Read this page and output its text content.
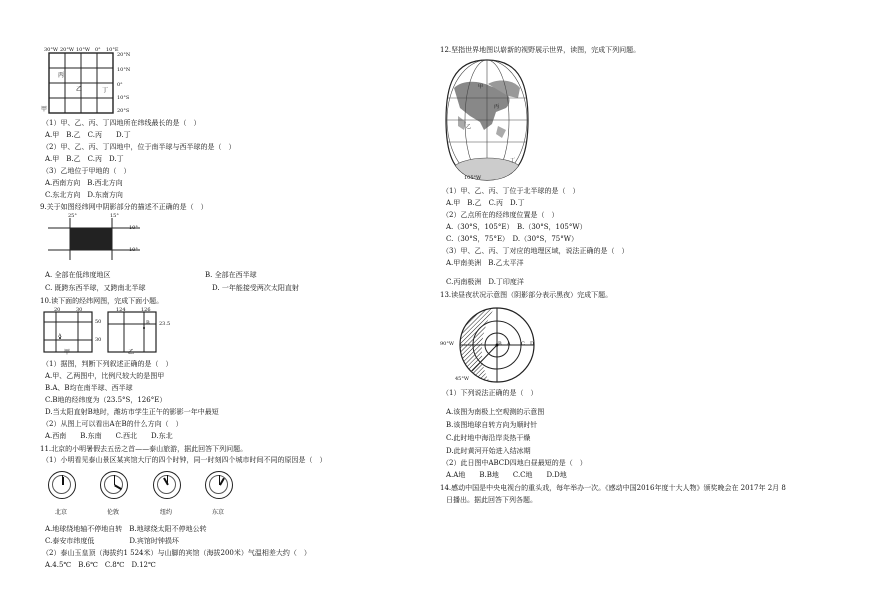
30°W 20°W 10°W 0° 10°E
20°N
10°N
0°
10°S
20°S
甲
乙
丙
丁
（1）甲、乙、丙、丁四地所在纬线最长的是（　）
A.甲　B.乙　C.丙　　D.丁
（2）甲、乙、丙、丁四地中，位于南半球与西半球的是（　）
A.甲　B.乙　C.丙　D.丁
（3）乙地位于甲地的（　）
A.西南方向　B.西北方向
C.东北方向　D.东南方向
9.关于如图经纬网中阴影部分的描述不正确的是（　）
25°	15°
10°
10°
A. 全部在低纬度地区	B. 全部在西半球
C. 既跨东西半球，又跨南北半球	D. 一年能接受两次太阳直射
10.读下面的经纬网图，完成下面小题。
20	30
50
30
A
124	126
23.5
B
甲	乙
（1）据图，判断下列叙述正确的是（　）
A.甲、乙两图中，比例尺较大的是图甲
B.A、B均在南半球、西半球
C.B地的经纬度为（23.5°S，126°E）
D.当太阳直射B地时，潍坊市学生正午的影影一年中最短
（2）从图上可以看出A在B的什么方向（　）
A.西南　　B.东南　　C.西北　　D.东北
11.北京的小明暑假去五岳之首——泰山旅游，据此回答下列问题。
（1）小明看见泰山景区某宾馆大厅的四个时钟，同一时刻四个城市时间不同的原因是（　）
A.地球绕地轴不停地自转　B.地球绕太阳不停地公转
C.泰安市纬度低　　　　　D.宾馆时钟损坏
（2）泰山玉皇顶（海拔约1 524米）与山脚的宾馆（海拔200米）气温相差大约（　）
A.4.5℃　B.6℃　C.8℃　D.12℃
12.坚指世界地图以崭新的视野展示世界，读图，完成下列问题。
甲
乙
丙
丁
105°W
（1）甲、乙、丙、丁位于北半球的是（　）
A.甲　B.乙　C.丙　D.丁
（2）乙点所在的经纬度位置是（　）
A.（30°S，105°E）　B.（30°S，105°W）
C.（30°S，75°E）　D.（30°S，75°W）
（3）甲、乙、丙、丁对应的地理区域，说法正确的是（　）
A.甲南美洲　B.乙太平洋
C.丙南极洲　D.丁印度洋
13.读昼夜状况示意图（阴影部分表示黑夜）完成下题。
90°W
45°W
A
B	C D
（1）下列说法正确的是（　）
A.该图为南极上空观测的示意图
B.该图地球自转方向为顺时针
C.此时地中海沿岸炎热干燥
D.此时黄河开始进入结冰期
（2）此日图中ABCD四地白昼最短的是（　）
A.A地　　B.B地　　C.C地　　D.D地
14.感动中国是中央电视台的重头戏，每年举办一次。《感动中国2016年度十大人物》颁奖晚会在 2017年 2月 8
日播出。据此回答下列各题。
北京	伦敦	纽约	东京
